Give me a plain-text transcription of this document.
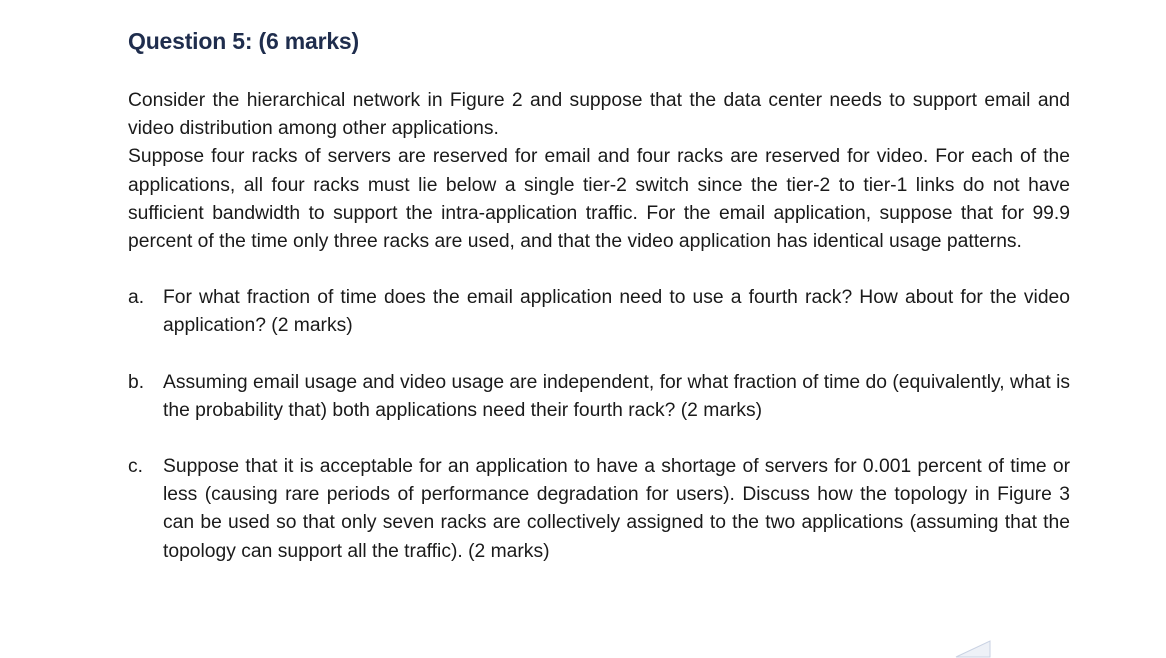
Question 5: (6 marks)

Consider the hierarchical network in Figure 2 and suppose that the data center needs to support email and video distribution among other applications.

Suppose four racks of servers are reserved for email and four racks are reserved for video. For each of the applications, all four racks must lie below a single tier-2 switch since the tier-2 to tier-1 links do not have sufficient bandwidth to support the intra-application traffic. For the email application, suppose that for 99.9 percent of the time only three racks are used, and that the video application has identical usage patterns.

a. For what fraction of time does the email application need to use a fourth rack? How about for the video application? (2 marks)

b. Assuming email usage and video usage are independent, for what fraction of time do (equivalently, what is the probability that) both applications need their fourth rack? (2 marks)

c.	Suppose that it is acceptable for an application to have a shortage of servers for 0.001 percent of time or less (causing rare periods of performance degradation for users). Discuss how the topology in Figure 3 can be used so that only seven racks are collectively assigned to the two applications (assuming that the topology can support all the traffic). (2 marks)
